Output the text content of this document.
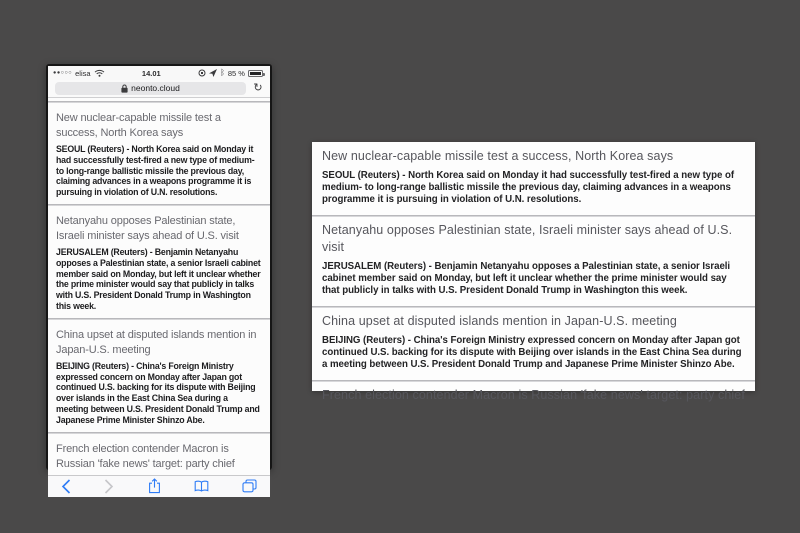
●●○○○ elisa	14.01	ᛒ 85 %
neonto.cloud	↻
New nuclear-capable missile test a success, North Korea says
SEOUL (Reuters) - North Korea said on Monday it had successfully test-fired a new type of medium- to long-range ballistic missile the previous day, claiming advances in a weapons programme it is pursuing in violation of U.N. resolutions.
Netanyahu opposes Palestinian state, Israeli minister says ahead of U.S. visit
JERUSALEM (Reuters) - Benjamin Netanyahu opposes a Palestinian state, a senior Israeli cabinet member said on Monday, but left it unclear whether the prime minister would say that publicly in talks with U.S. President Donald Trump in Washington this week.
China upset at disputed islands mention in Japan-U.S. meeting
BEIJING (Reuters) - China's Foreign Ministry expressed concern on Monday after Japan got continued U.S. backing for its dispute with Beijing over islands in the East China Sea during a meeting between U.S. President Donald Trump and Japanese Prime Minister Shinzo Abe.
French election contender Macron is Russian 'fake news' target: party chief
New nuclear-capable missile test a success, North Korea says
SEOUL (Reuters) - North Korea said on Monday it had successfully test-fired a new type of medium- to long-range ballistic missile the previous day, claiming advances in a weapons programme it is pursuing in violation of U.N. resolutions.
Netanyahu opposes Palestinian state, Israeli minister says ahead of U.S. visit
JERUSALEM (Reuters) - Benjamin Netanyahu opposes a Palestinian state, a senior Israeli cabinet member said on Monday, but left it unclear whether the prime minister would say that publicly in talks with U.S. President Donald Trump in Washington this week.
China upset at disputed islands mention in Japan-U.S. meeting
BEIJING (Reuters) - China's Foreign Ministry expressed concern on Monday after Japan got continued U.S. backing for its dispute with Beijing over islands in the East China Sea during a meeting between U.S. President Donald Trump and Japanese Prime Minister Shinzo Abe.
French election contender Macron is Russian 'fake news' target: party chief
